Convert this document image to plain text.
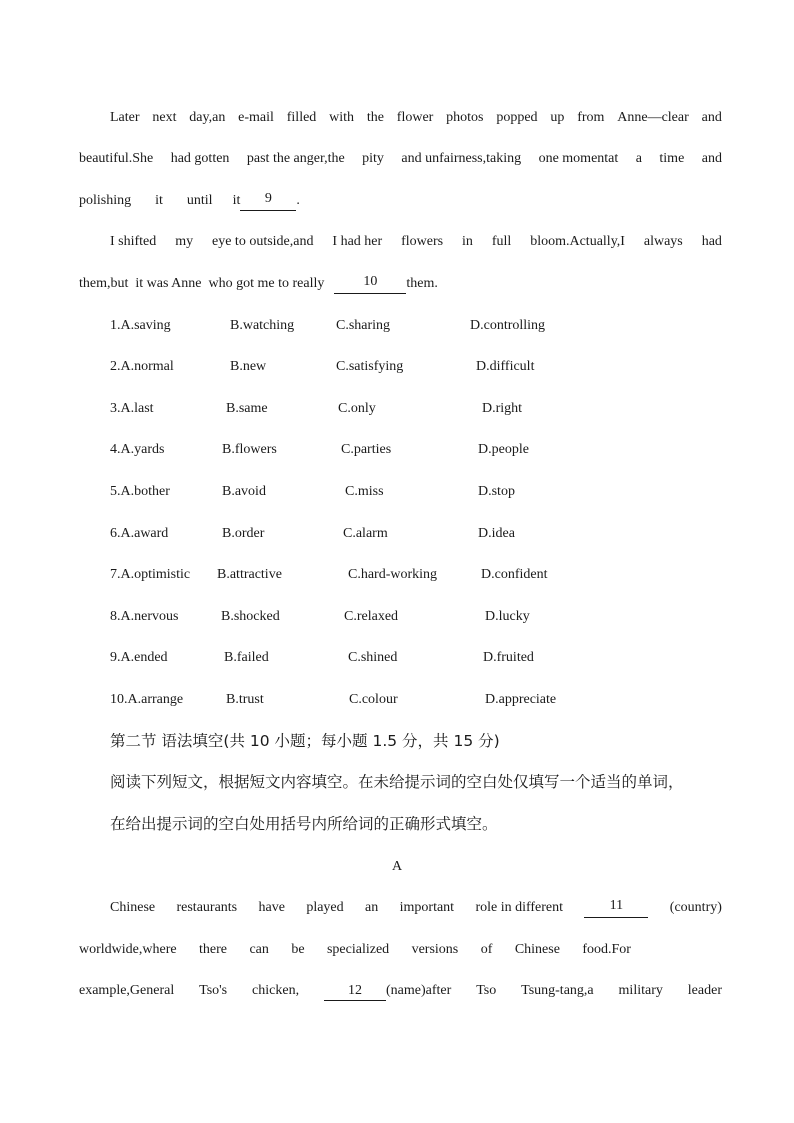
Later next day,an e-mail filled with the flower photos popped up from Anne—clear and
beautiful.She had gotten past the anger,the pity and unfairness,taking one momentat a time and
polishing it until it	9	.
I shifted my eye to outside,and I had her flowers in full bloom.Actually,I always had
them,but  it was Anne  who got me to really	10	them.
1.A.saving	B.watching	C.sharing	D.controlling
2.A.normal	B.new	C.satisfying	D.difficult
3.A.last	B.same	C.only	D.right
4.A.yards	B.flowers	C.parties	D.people
5.A.bother	B.avoid	C.miss	D.stop
6.A.award	B.order	C.alarm	D.idea
7.A.optimistic B.attractive	C.hard-working	D.confident
8.A.nervous	B.shocked	C.relaxed	D.lucky
9.A.ended	B.failed	C.shined	D.fruited
10.A.arrange	B.trust	C.colour	D.appreciate
第二节 语法填空(共 10 小题；每小题 1.5 分，共 15 分)
阅读下列短文，根据短文内容填空。在未给提示词的空白处仅填写一个适当的单词，
在给出提示词的空白处用括号内所给词的正确形式填空。
A
Chinese restaurants have played an important role in different	11	(country)
worldwide,where there can be specialized versions of Chinese food.For
example,General Tso's chicken,	12 (name)after Tso Tsung-tang,a military leader
